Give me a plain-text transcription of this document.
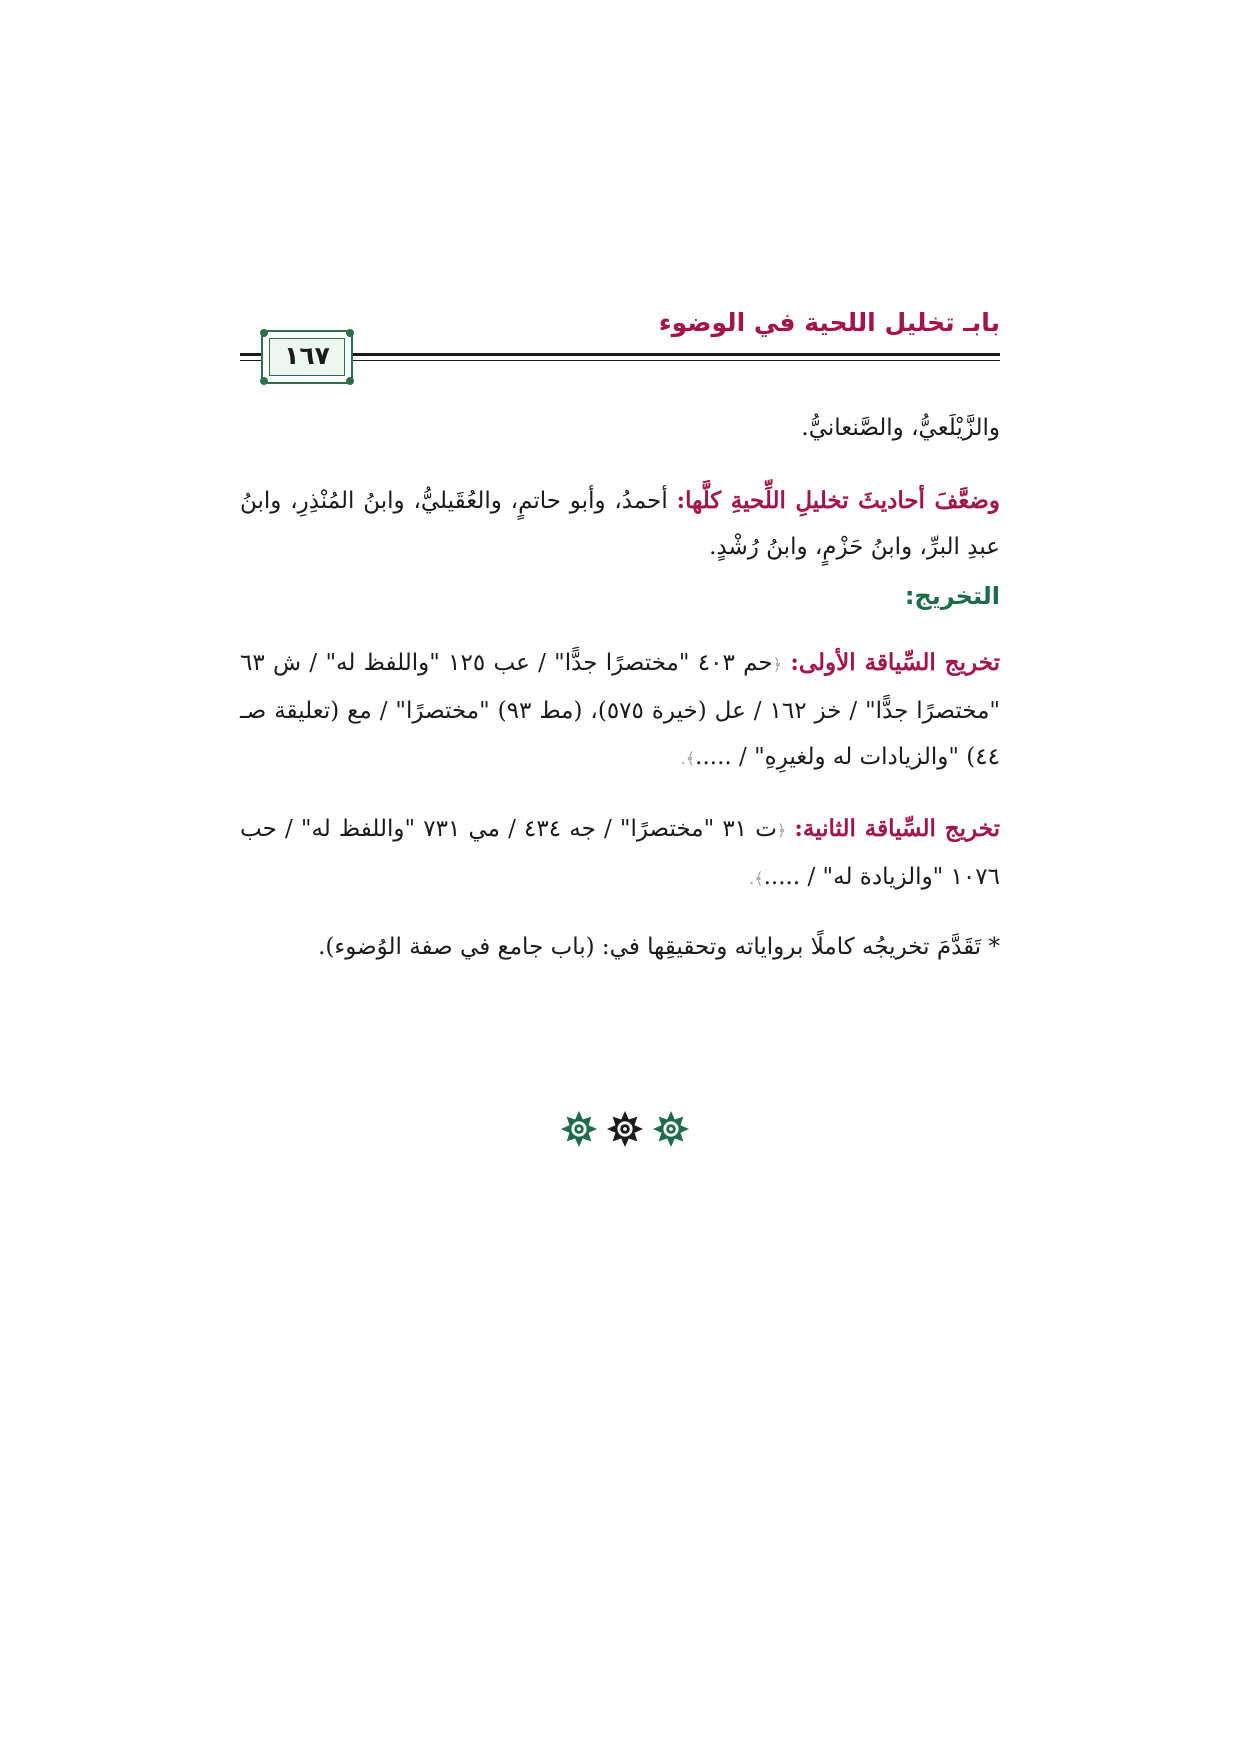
بابـ تخليل اللحية في الوضوء
١٦٧
والزَّيْلَعيُّ، والصَّنعانيُّ.
وضعَّفَ أحاديثَ تخليلِ اللِّحيةِ كلَّها: أحمدُ، وأبو حاتمٍ، والعُقَيليُّ، وابنُ المُنْذِرِ، وابنُ عبدِ البرِّ، وابنُ حَزْمٍ، وابنُ رُشْدٍ.
التخريج:
تخريج السِّياقة الأولى: ﴿حم ٤٠٣ "مختصرًا جدًّا" / عب ١٢٥ "واللفظ له" / ش ٦٣ "مختصرًا جدًّا" / خز ١٦٢ / عل (خيرة ٥٧٥)، (مط ٩٣) "مختصرًا" / مع (تعليقة صـ ٤٤) "والزيادات له ولغيرِهِ" / .....﴾.
تخريج السِّياقة الثانية: ﴿ت ٣١ "مختصرًا" / جه ٤٣٤ / مي ٧٣١ "واللفظ له" / حب ١٠٧٦ "والزيادة له" / .....﴾.
* تَقَدَّمَ تخريجُه كاملًا برواياته وتحقيقِها في: (باب جامع في صفة الوُضوء).
